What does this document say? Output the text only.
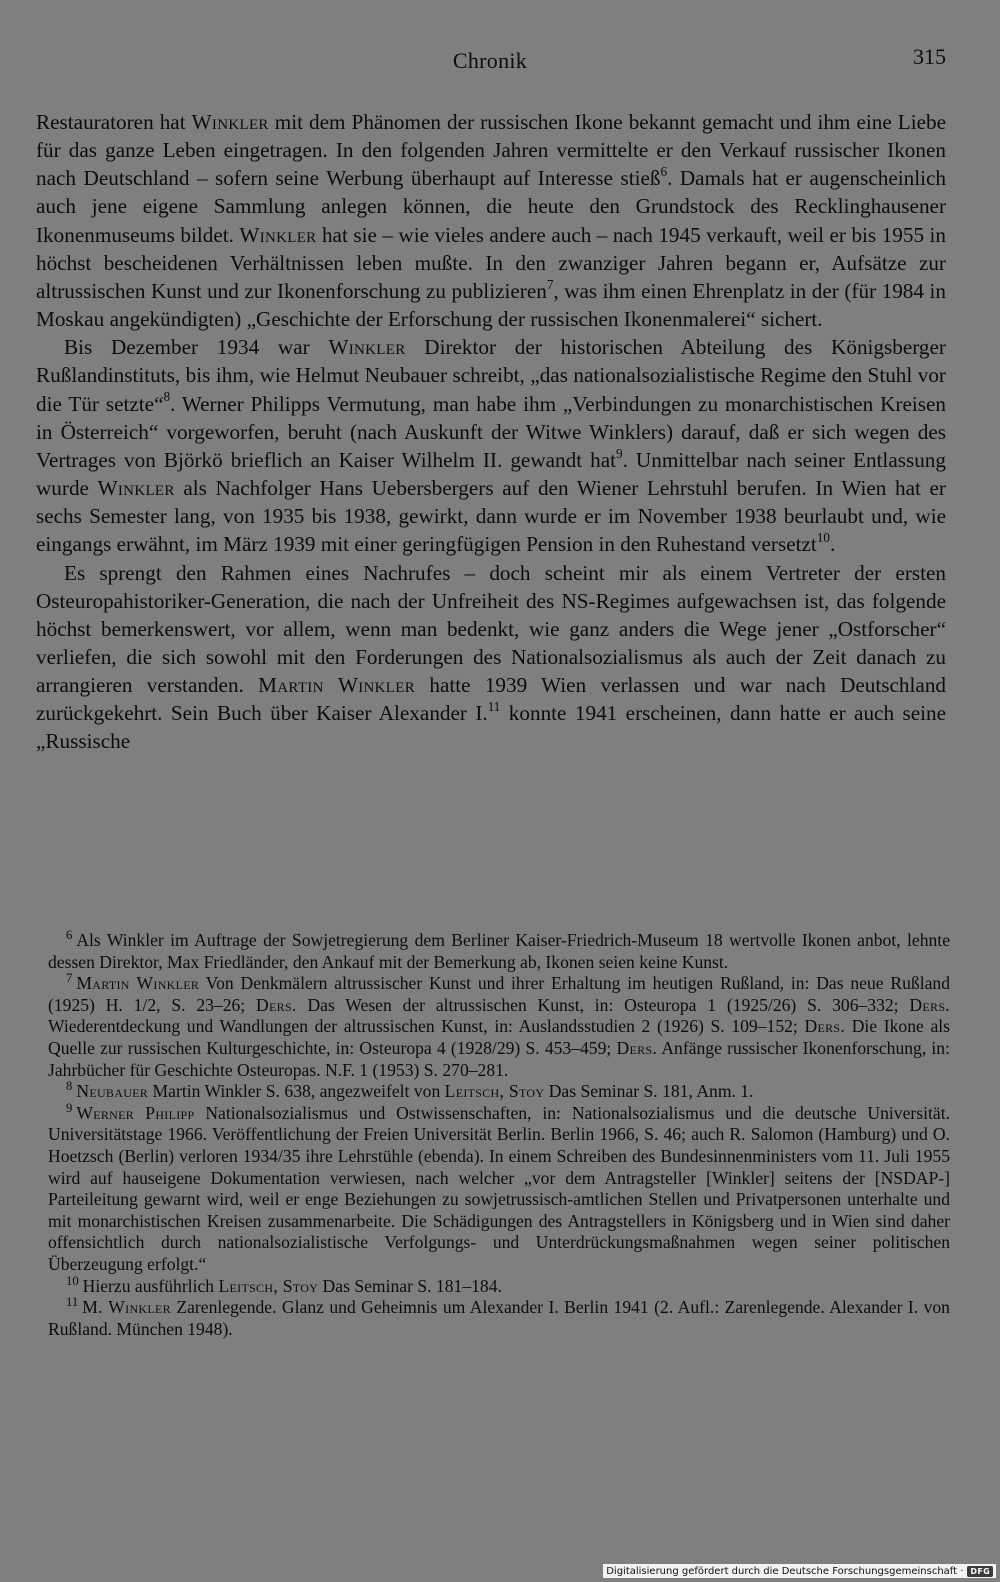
Chronik	315

Restauratoren hat Winkler mit dem Phänomen der russischen Ikone bekannt gemacht und ihm eine Liebe für das ganze Leben eingetragen. In den folgenden Jahren vermittelte er den Verkauf russischer Ikonen nach Deutschland – sofern seine Werbung überhaupt auf Interesse stieß$^6$. Damals hat er augenscheinlich auch jene eigene Sammlung anlegen können, die heute den Grundstock des Recklinghausener Ikonenmuseums bildet. Winkler hat sie – wie vieles andere auch – nach 1945 verkauft, weil er bis 1955 in höchst bescheidenen Verhältnissen leben mußte. In den zwanziger Jahren begann er, Aufsätze zur altrussischen Kunst und zur Ikonenforschung zu publizieren$^7$, was ihm einen Ehrenplatz in der (für 1984 in Moskau angekündigten) „Geschichte der Erforschung der russischen Ikonenmalerei“ sichert.

Bis Dezember 1934 war Winkler Direktor der historischen Abteilung des Königsberger Rußlandinstituts, bis ihm, wie Helmut Neubauer schreibt, „das nationalsozialistische Regime den Stuhl vor die Tür setzte“$^8$. Werner Philipps Vermutung, man habe ihm „Verbindungen zu monarchistischen Kreisen in Österreich“ vorgeworfen, beruht (nach Auskunft der Witwe Winklers) darauf, daß er sich wegen des Vertrages von Björkö brieflich an Kaiser Wilhelm II. gewandt hat$^9$. Unmittelbar nach seiner Entlassung wurde Winkler als Nachfolger Hans Uebersbergers auf den Wiener Lehrstuhl berufen. In Wien hat er sechs Semester lang, von 1935 bis 1938, gewirkt, dann wurde er im November 1938 beurlaubt und, wie eingangs erwähnt, im März 1939 mit einer geringfügigen Pension in den Ruhestand versetzt$^{10}$.

Es sprengt den Rahmen eines Nachrufes – doch scheint mir als einem Vertreter der ersten Osteuropahistoriker-Generation, die nach der Unfreiheit des NS-Regimes aufgewachsen ist, das folgende höchst bemerkenswert, vor allem, wenn man bedenkt, wie ganz anders die Wege jener „Ostforscher“ verliefen, die sich sowohl mit den Forderungen des Nationalsozialismus als auch der Zeit danach zu arrangieren verstanden. Martin Winkler hatte 1939 Wien verlassen und war nach Deutschland zurückgekehrt. Sein Buch über Kaiser Alexander I.$^{11}$ konnte 1941 erscheinen, dann hatte er auch seine „Russische

$^6$ Als Winkler im Auftrage der Sowjetregierung dem Berliner Kaiser-Friedrich-Museum 18 wertvolle Ikonen anbot, lehnte dessen Direktor, Max Friedländer, den Ankauf mit der Bemerkung ab, Ikonen seien keine Kunst.

$^7$ Martin Winkler Von Denkmälern altrussischer Kunst und ihrer Erhaltung im heutigen Rußland, in: Das neue Rußland (1925) H. 1/2, S. 23–26; Ders. Das Wesen der altrussischen Kunst, in: Osteuropa 1 (1925/26) S. 306–332; Ders. Wiederentdeckung und Wandlungen der altrussischen Kunst, in: Auslandsstudien 2 (1926) S. 109–152; Ders. Die Ikone als Quelle zur russischen Kulturgeschichte, in: Osteuropa 4 (1928/29) S. 453–459; Ders. Anfänge russischer Ikonenforschung, in: Jahrbücher für Geschichte Osteuropas. N.F. 1 (1953) S. 270–281.

$^8$ Neubauer Martin Winkler S. 638, angezweifelt von Leitsch, Stoy Das Seminar S. 181, Anm. 1.

$^9$ Werner Philipp Nationalsozialismus und Ostwissenschaften, in: Nationalsozialismus und die deutsche Universität. Universitätstage 1966. Veröffentlichung der Freien Universität Berlin. Berlin 1966, S. 46; auch R. Salomon (Hamburg) und O. Hoetzsch (Berlin) verloren 1934/35 ihre Lehrstühle (ebenda). In einem Schreiben des Bundesinnenministers vom 11. Juli 1955 wird auf hauseigene Dokumentation verwiesen, nach welcher „vor dem Antragsteller [Winkler] seitens der [NSDAP-] Parteileitung gewarnt wird, weil er enge Beziehungen zu sowjetrussisch-amtlichen Stellen und Privatpersonen unterhalte und mit monarchistischen Kreisen zusammenarbeite. Die Schädigungen des Antragstellers in Königsberg und in Wien sind daher offensichtlich durch nationalsozialistische Verfolgungs- und Unterdrückungsmaßnahmen wegen seiner politischen Überzeugung erfolgt.“

$^{10}$ Hierzu ausführlich Leitsch, Stoy Das Seminar S. 181–184.

$^{11}$ M. Winkler Zarenlegende. Glanz und Geheimnis um Alexander I. Berlin 1941 (2. Aufl.: Zarenlegende. Alexander I. von Rußland. München 1948).

Digitalisierung gefördert durch die Deutsche Forschungsgemeinschaft · DFG
